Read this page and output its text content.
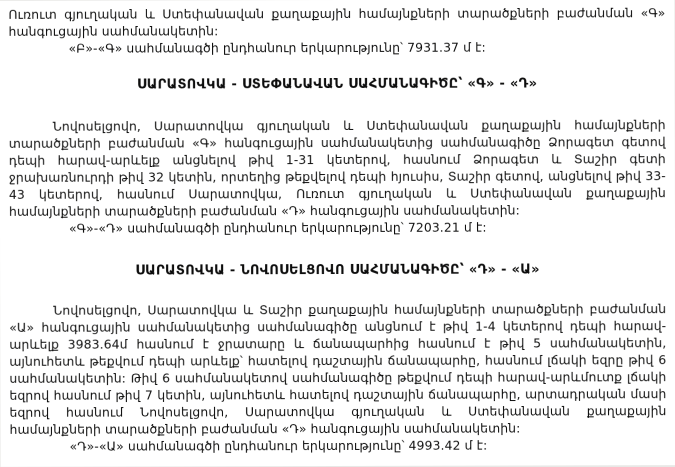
Ուռուտ գյուղական և Ստեփանավան քաղաքային համայնքների տարածքների բաժանման «Գ» հանգուցային սահմանակետին:

«Բ»-«Գ» սահմանագծի ընդհանուր երկարությունը՝ 7931.37 մ է:

ՍԱՐԱՏՈՎԿԱ - ՍՏԵՓԱՆԱՎԱՆ ՍԱՀՄԱՆԱԳԻԾԸ՝ «Գ» - «Դ»

Նովոսելցովո, Սարատովկա գյուղական և Ստեփանավան քաղաքային համայնքների տարածքների բաժանման «Գ» հանգուցային սահմանակետից սահմանագիծը Ձորագետ գետով դեպի հարավ-արևելք անցնելով թիվ 1-31 կետերով, հասնում Ձորագետ և Տաշիր գետի ջրախառնուրդի թիվ 32 կետին, որտեղից թեքվելով դեպի հյուսիս, Տաշիր գետով, անցնելով թիվ 33-43 կետերով, հասնում Սարատովկա, Ուռուտ գյուղական և Ստեփանավան քաղաքային համայնքների տարածքների բաժանման «Դ» հանգուցային սահմանակետին:

«Գ»-«Դ» սահմանագծի ընդհանուր երկարությունը՝ 7203.21 մ է:

ՍԱՐԱՏՈՎԿԱ - ՆՈՎՈՍԵԼՑՈՎՈ ՍԱՀՄԱՆԱԳԻԾԸ՝ «Դ» - «Ա»

Նովոսելցովո, Սարատովկա և Տաշիր քաղաքային համայնքների տարածքների բաժանման «Ա» հանգուցային սահմանակետից սահմանագիծը անցնում է թիվ 1-4 կետերով դեպի հարավ-արևելք 3983.64մ հասնում է ջրատարը և ճանապարհից հասնում է թիվ 5 սահմանակետին, այնուհետև թեքվում դեպի արևելք՝ հատելով դաշտային ճանապարհը, հասնում լճակի եզրը թիվ 6 սահմանակետին: Թիվ 6 սահմանակետով սահմանագիծը թեքվում դեպի հարավ-արևմուտք լճակի եզրով հասնում թիվ 7 կետին, այնուհետև հատելով դաշտային ճանապարհը, արտադրական մասի եզրով հասնում Նովոսելցովո, Սարատովկա գյուղական և Ստեփանավան քաղաքային համայնքների տարածքների բաժանման «Դ» հանգուցային սահմանակետին:

«Դ»-«Ա» սահմանագծի ընդհանուր երկարությունը՝ 4993.42 մ է:
